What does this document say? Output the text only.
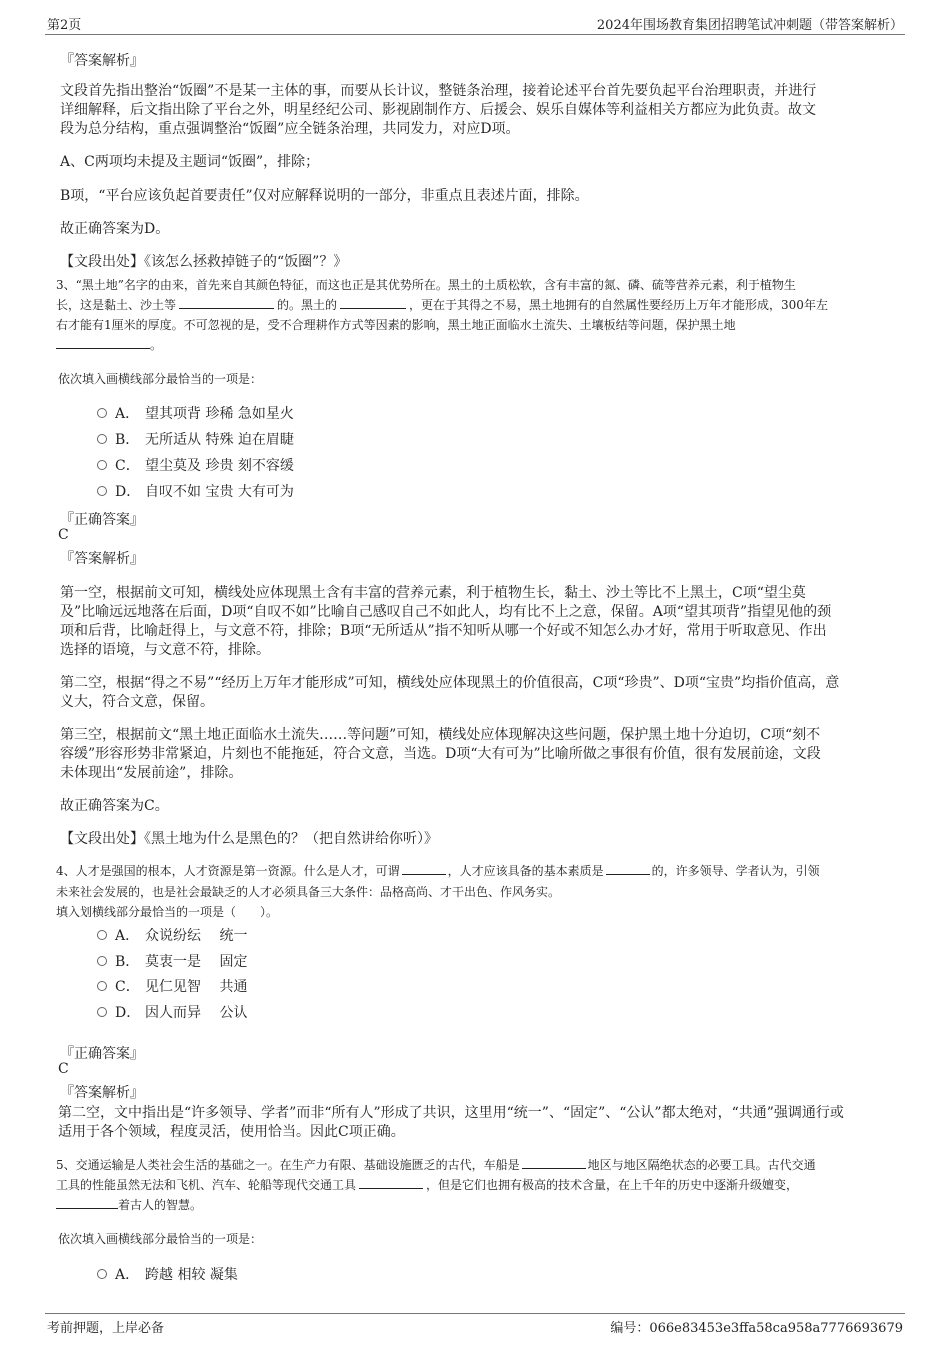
第2页	2024年围场教育集团招聘笔试冲刺题（带答案解析）
『答案解析』
文段首先指出整治“饭圈”不是某一主体的事，而要从长计议，整链条治理，接着论述平台首先要负起平台治理职责，并进行
详细解释，后文指出除了平台之外，明星经纪公司、影视剧制作方、后援会、娱乐自媒体等利益相关方都应为此负责。故文
段为总分结构，重点强调整治“饭圈”应全链条治理，共同发力，对应D项。
A、C两项均未提及主题词“饭圈”，排除；
B项，“平台应该负起首要责任”仅对应解释说明的一部分，非重点且表述片面，排除。
故正确答案为D。
【文段出处】《该怎么拯救掉链子的“饭圈”？》
3、“黑土地”名字的由来，首先来自其颜色特征，而这也正是其优势所在。黑土的土质松软，含有丰富的氮、磷、硫等营养元素，利于植物生
长，这是黏土、沙土等	的。黑土的	，更在于其得之不易，黑土地拥有的自然属性要经历上万年才能形成，300年左
右才能有1厘米的厚度。不可忽视的是，受不合理耕作方式等因素的影响，黑土地正面临水土流失、土壤板结等问题，保护黑土地
。
依次填入画横线部分最恰当的一项是：
A． 望其项背 珍稀 急如星火
B． 无所适从 特殊 迫在眉睫
C． 望尘莫及 珍贵 刻不容缓
D． 自叹不如 宝贵 大有可为
『正确答案』
C
『答案解析』
第一空，根据前文可知，横线处应体现黑土含有丰富的营养元素，利于植物生长，黏土、沙土等比不上黑土，C项“望尘莫
及”比喻远远地落在后面，D项“自叹不如”比喻自己感叹自己不如此人，均有比不上之意，保留。A项“望其项背”指望见他的颈
项和后背，比喻赶得上，与文意不符，排除；B项“无所适从”指不知听从哪一个好或不知怎么办才好，常用于听取意见、作出
选择的语境，与文意不符，排除。
第二空，根据“得之不易”“经历上万年才能形成”可知，横线处应体现黑土的价值很高，C项“珍贵”、D项“宝贵”均指价值高，意
义大，符合文意，保留。
第三空，根据前文“黑土地正面临水土流失……等问题”可知，横线处应体现解决这些问题，保护黑土地十分迫切，C项“刻不
容缓”形容形势非常紧迫，片刻也不能拖延，符合文意，当选。D项“大有可为”比喻所做之事很有价值，很有发展前途，文段
未体现出“发展前途”，排除。
故正确答案为C。
【文段出处】《黑土地为什么是黑色的？（把自然讲给你听）》
4、人才是强国的根本，人才资源是第一资源。什么是人才，可谓	，人才应该具备的基本素质是	的，许多领导、学者认为，引领
未来社会发展的，也是社会最缺乏的人才必须具备三大条件：品格高尚、才干出色、作风务实。
填入划横线部分最恰当的一项是（　　）。
A． 众说纷纭　 统一
B． 莫衷一是　 固定
C． 见仁见智　 共通
D． 因人而异　 公认
『正确答案』
C
『答案解析』
第二空，文中指出是“许多领导、学者”而非“所有人”形成了共识，这里用“统一”、“固定”、“公认”都太绝对，“共通”强调通行或
适用于各个领域，程度灵活，使用恰当。因此C项正确。
5、交通运输是人类社会生活的基础之一。在生产力有限、基础设施匮乏的古代，车船是	地区与地区隔绝状态的必要工具。古代交通
工具的性能虽然无法和飞机、汽车、轮船等现代交通工具	，但是它们也拥有极高的技术含量，在上千年的历史中逐渐升级嬗变，
着古人的智慧。
依次填入画横线部分最恰当的一项是：
A． 跨越 相较 凝集
考前押题，上岸必备	编号：066e83453e3ffa58ca958a7776693679
